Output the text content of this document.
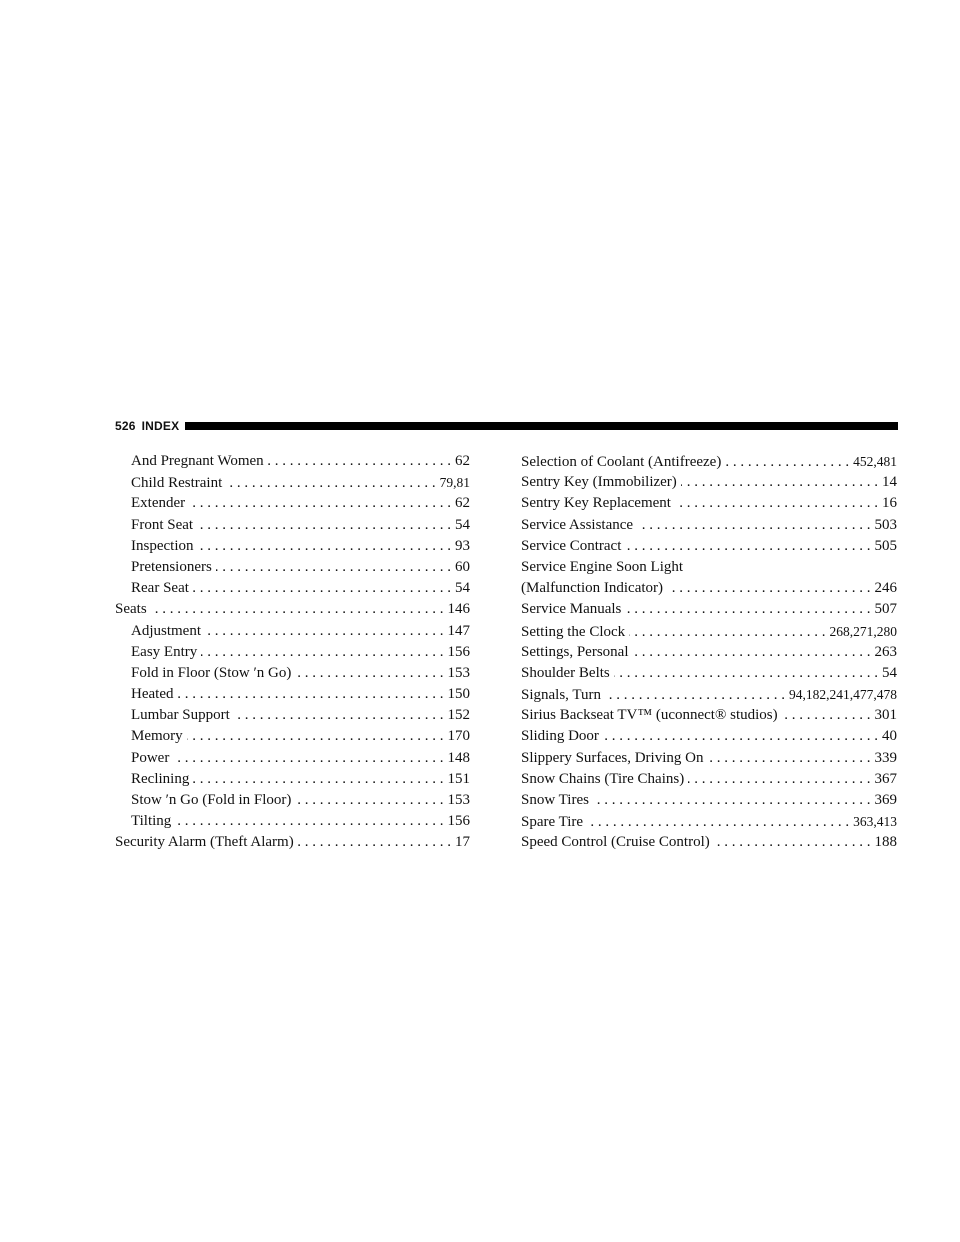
526 INDEX
And Pregnant Women . . .	62
Child Restraint . . .	79,81
Extender . . .	62
Front Seat . . .	54
Inspection . . .	93
Pretensioners . . .	60
Rear Seat . . .	54
Seats . . .	146
Adjustment . . .	147
Easy Entry . . .	156
Fold in Floor (Stow ′n Go) . . .	153
Heated . . .	150
Lumbar Support . . .	152
Memory . . .	170
Power . . .	148
Reclining . . .	151
Stow ′n Go (Fold in Floor) . . .	153
Tilting . . .	156
Security Alarm (Theft Alarm) . . .	17
Selection of Coolant (Antifreeze) . . .	452,481
Sentry Key (Immobilizer) . . .	14
Sentry Key Replacement . . .	16
Service Assistance . . .	503
Service Contract . . .	505
Service Engine Soon Light
(Malfunction Indicator) . . .	246
Service Manuals . . .	507
Setting the Clock . . .	268,271,280
Settings, Personal . . .	263
Shoulder Belts . . .	54
Signals, Turn . . .	94,182,241,477,478
Sirius Backseat TV™ (uconnect® studios) . . .	301
Sliding Door . . .	40
Slippery Surfaces, Driving On . . .	339
Snow Chains (Tire Chains) . . .	367
Snow Tires . . .	369
Spare Tire . . .	363,413
Speed Control (Cruise Control) . . .	188
